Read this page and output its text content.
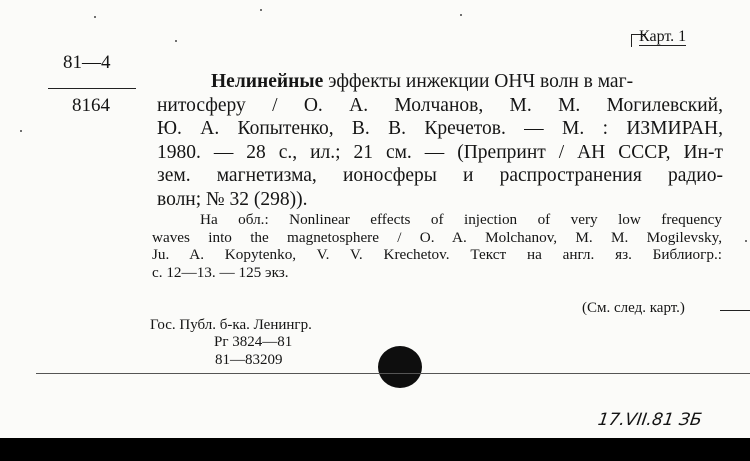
81—4
8164
Карт. 1
Нелинейные эффекты инжекции ОНЧ волн в маг-
нитосферу / О. А. Молчанов, М. М. Могилевский,
Ю. А. Копытенко, В. В. Кречетов. — М. : ИЗМИРАН,
1980. — 28 с., ил.; 21 см. — (Препринт / АН СССР, Ин-т
зем. магнетизма, ионосферы и распространения радио-
волн; № 32 (298)).
На обл.: Nonlinear effects of injection of very low frequency
waves into the magnetosphere / O. A. Molchanov, M. M. Mogilevsky,
Ju. A. Kopytenko, V. V. Krechetov. Текст на англ. яз. Библиогр.:
с. 12—13. — 125 экз.
(См. след. карт.)
Гос. Публ. б-ка. Ленингр.
Рг 3824—81
81—83209
17.VII.81 ЗБ
